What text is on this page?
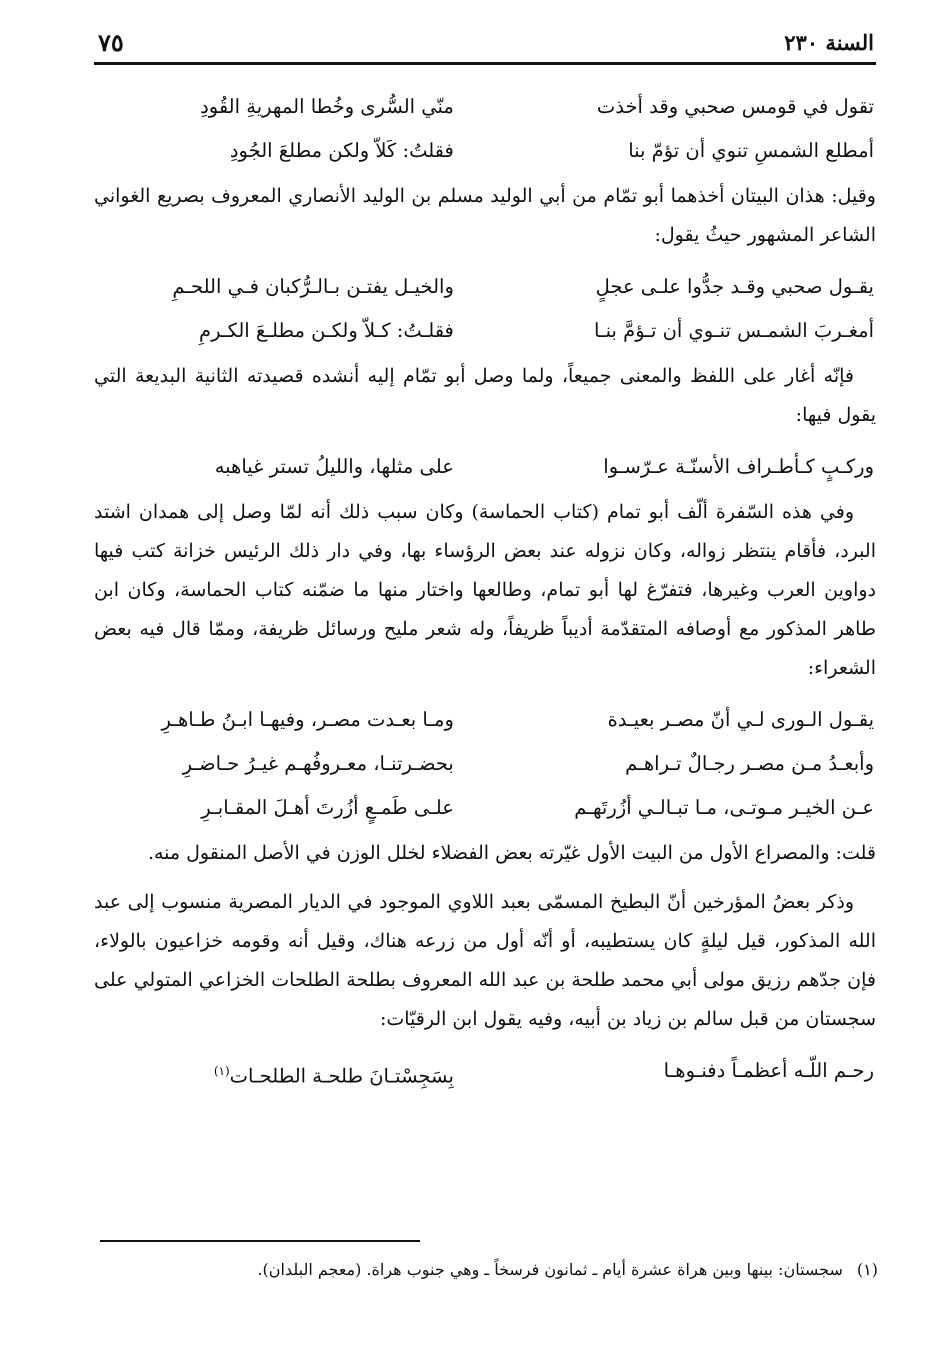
السنة ٢٣٠
٧٥
تقول في قومس صحبي وقد أخذت
منّي السُّرى وخُطا المهريةِ القُودِ
أمطلع الشمسِ تنوي أن تؤمّ بنا
فقلتُ: كَلاّ ولكن مطلعَ الجُودِ

وقيل: هذان البيتان أخذهما أبو تمّام من أبي الوليد مسلم بن الوليد الأنصاري المعروف بصريع الغواني الشاعر المشهور حيثُ يقول:

يقـول صحبي وقـد جدُّوا علـى عجلٍ
والخيـل يفتـن بـالـرُّكبان فـي اللحـمِ
أمغـربَ الشمـس تنـوي أن تـؤمَّ بنـا
فقلـتُ: كـلاّ ولكـن مطلـعَ الكـرمِ

فإنّه أغار على اللفظ والمعنى جميعاً، ولما وصل أبو تمّام إليه أنشده قصيدته الثانية البديعة التي يقول فيها:

وركـبٍ كـأطـراف الأسنّـة عـرّسـوا
على مثلها، والليلُ تستر غياهبه

وفي هذه السّفرة ألّف أبو تمام (كتاب الحماسة) وكان سبب ذلك أنه لمّا وصل إلى همدان اشتد البرد، فأقام ينتظر زواله، وكان نزوله عند بعض الرؤساء بها، وفي دار ذلك الرئيس خزانة كتب فيها دواوين العرب وغيرها، فتفرّغ لها أبو تمام، وطالعها واختار منها ما ضمّنه كتاب الحماسة، وكان ابن طاهر المذكور مع أوصافه المتقدّمة أديباً ظريفاً، وله شعر مليح ورسائل ظريفة، وممّا قال فيه بعض الشعراء:

يقـول الـورى لـي أنّ مصـر بعيـدة
ومـا بعـدت مصـر، وفيهـا ابـنُ طـاهـرِ
وأبعـدُ مـن مصـر رجـالٌ تـراهـم
بحضـرتنـا، معـروفُهـم غيـرُ حـاضـرِ
عـن الخيـر مـوتـى، مـا تبـالـي أزُرتَهـم
علـى طَمـعٍ أزُرتَ أهـلَ المقـابـرِ

قلت: والمصراع الأول من البيت الأول غيّرته بعض الفضلاء لخلل الوزن في الأصل المنقول منه.

وذكر بعضُ المؤرخين أنّ البطيخ المسمّى بعبد اللاوي الموجود في الديار المصرية منسوب إلى عبد الله المذكور، قيل ليلةٍ كان يستطيبه، أو أنّه أول من زرعه هناك، وقيل أنه وقومه خزاعيون بالولاء، فإن جدّهم رزيق مولى أبي محمد طلحة بن عبد الله المعروف بطلحة الطلحات الخزاعي المتولي على سجستان من قبل سالم بن زياد بن أبيه، وفيه يقول ابن الرقيّات:

رحـم اللّـه أعظمـاً دفنـوهـا
بِسَجِسْتـانَ طلحـة الطلحـات$^{(١)}$
(١)سجستان: بينها وبين هراة عشرة أيام ـ ثمانون فرسخاً ـ وهي جنوب هراة. (معجم البلدان).
